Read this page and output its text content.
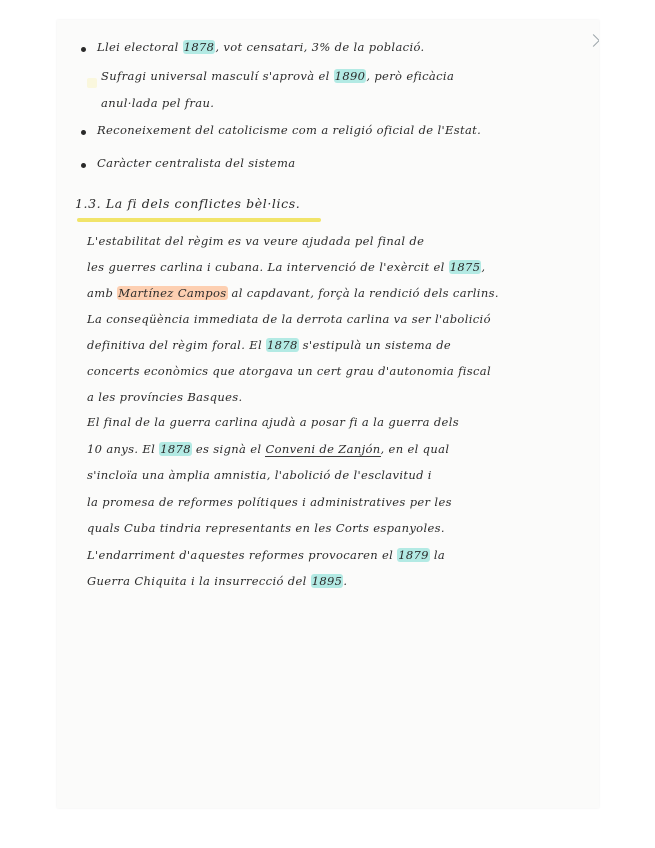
Llei electoral 1878, vot censatari, 3% de la població.
Sufragi universal masculí s'aprovà el 1890, però eficàcia
anul·lada pel frau.
Reconeixement del catolicisme com a religió oficial de l'Estat.
Caràcter centralista del sistema
1.3. La fi dels conflictes bèl·lics.
L'estabilitat del règim es va veure ajudada pel final de
les guerres carlina i cubana. La intervenció de l'exèrcit el 1875,
amb Martínez Campos al capdavant, forçà la rendició dels carlins.
La conseqüència immediata de la derrota carlina va ser l'abolició
definitiva del règim foral. El 1878 s'estipulà un sistema de
concerts econòmics que atorgava un cert grau d'autonomia fiscal
a les províncies Basques.
El final de la guerra carlina ajudà a posar fi a la guerra dels
10 anys. El 1878 es signà el Conveni de Zanjón, en el qual
s'incloïa una àmplia amnistia, l'abolició de l'esclavitud i
la promesa de reformes polítiques i administratives per les
quals Cuba tindria representants en les Corts espanyoles.
L'endarriment d'aquestes reformes provocaren el 1879 la
Guerra Chiquita i la insurrecció del 1895.
